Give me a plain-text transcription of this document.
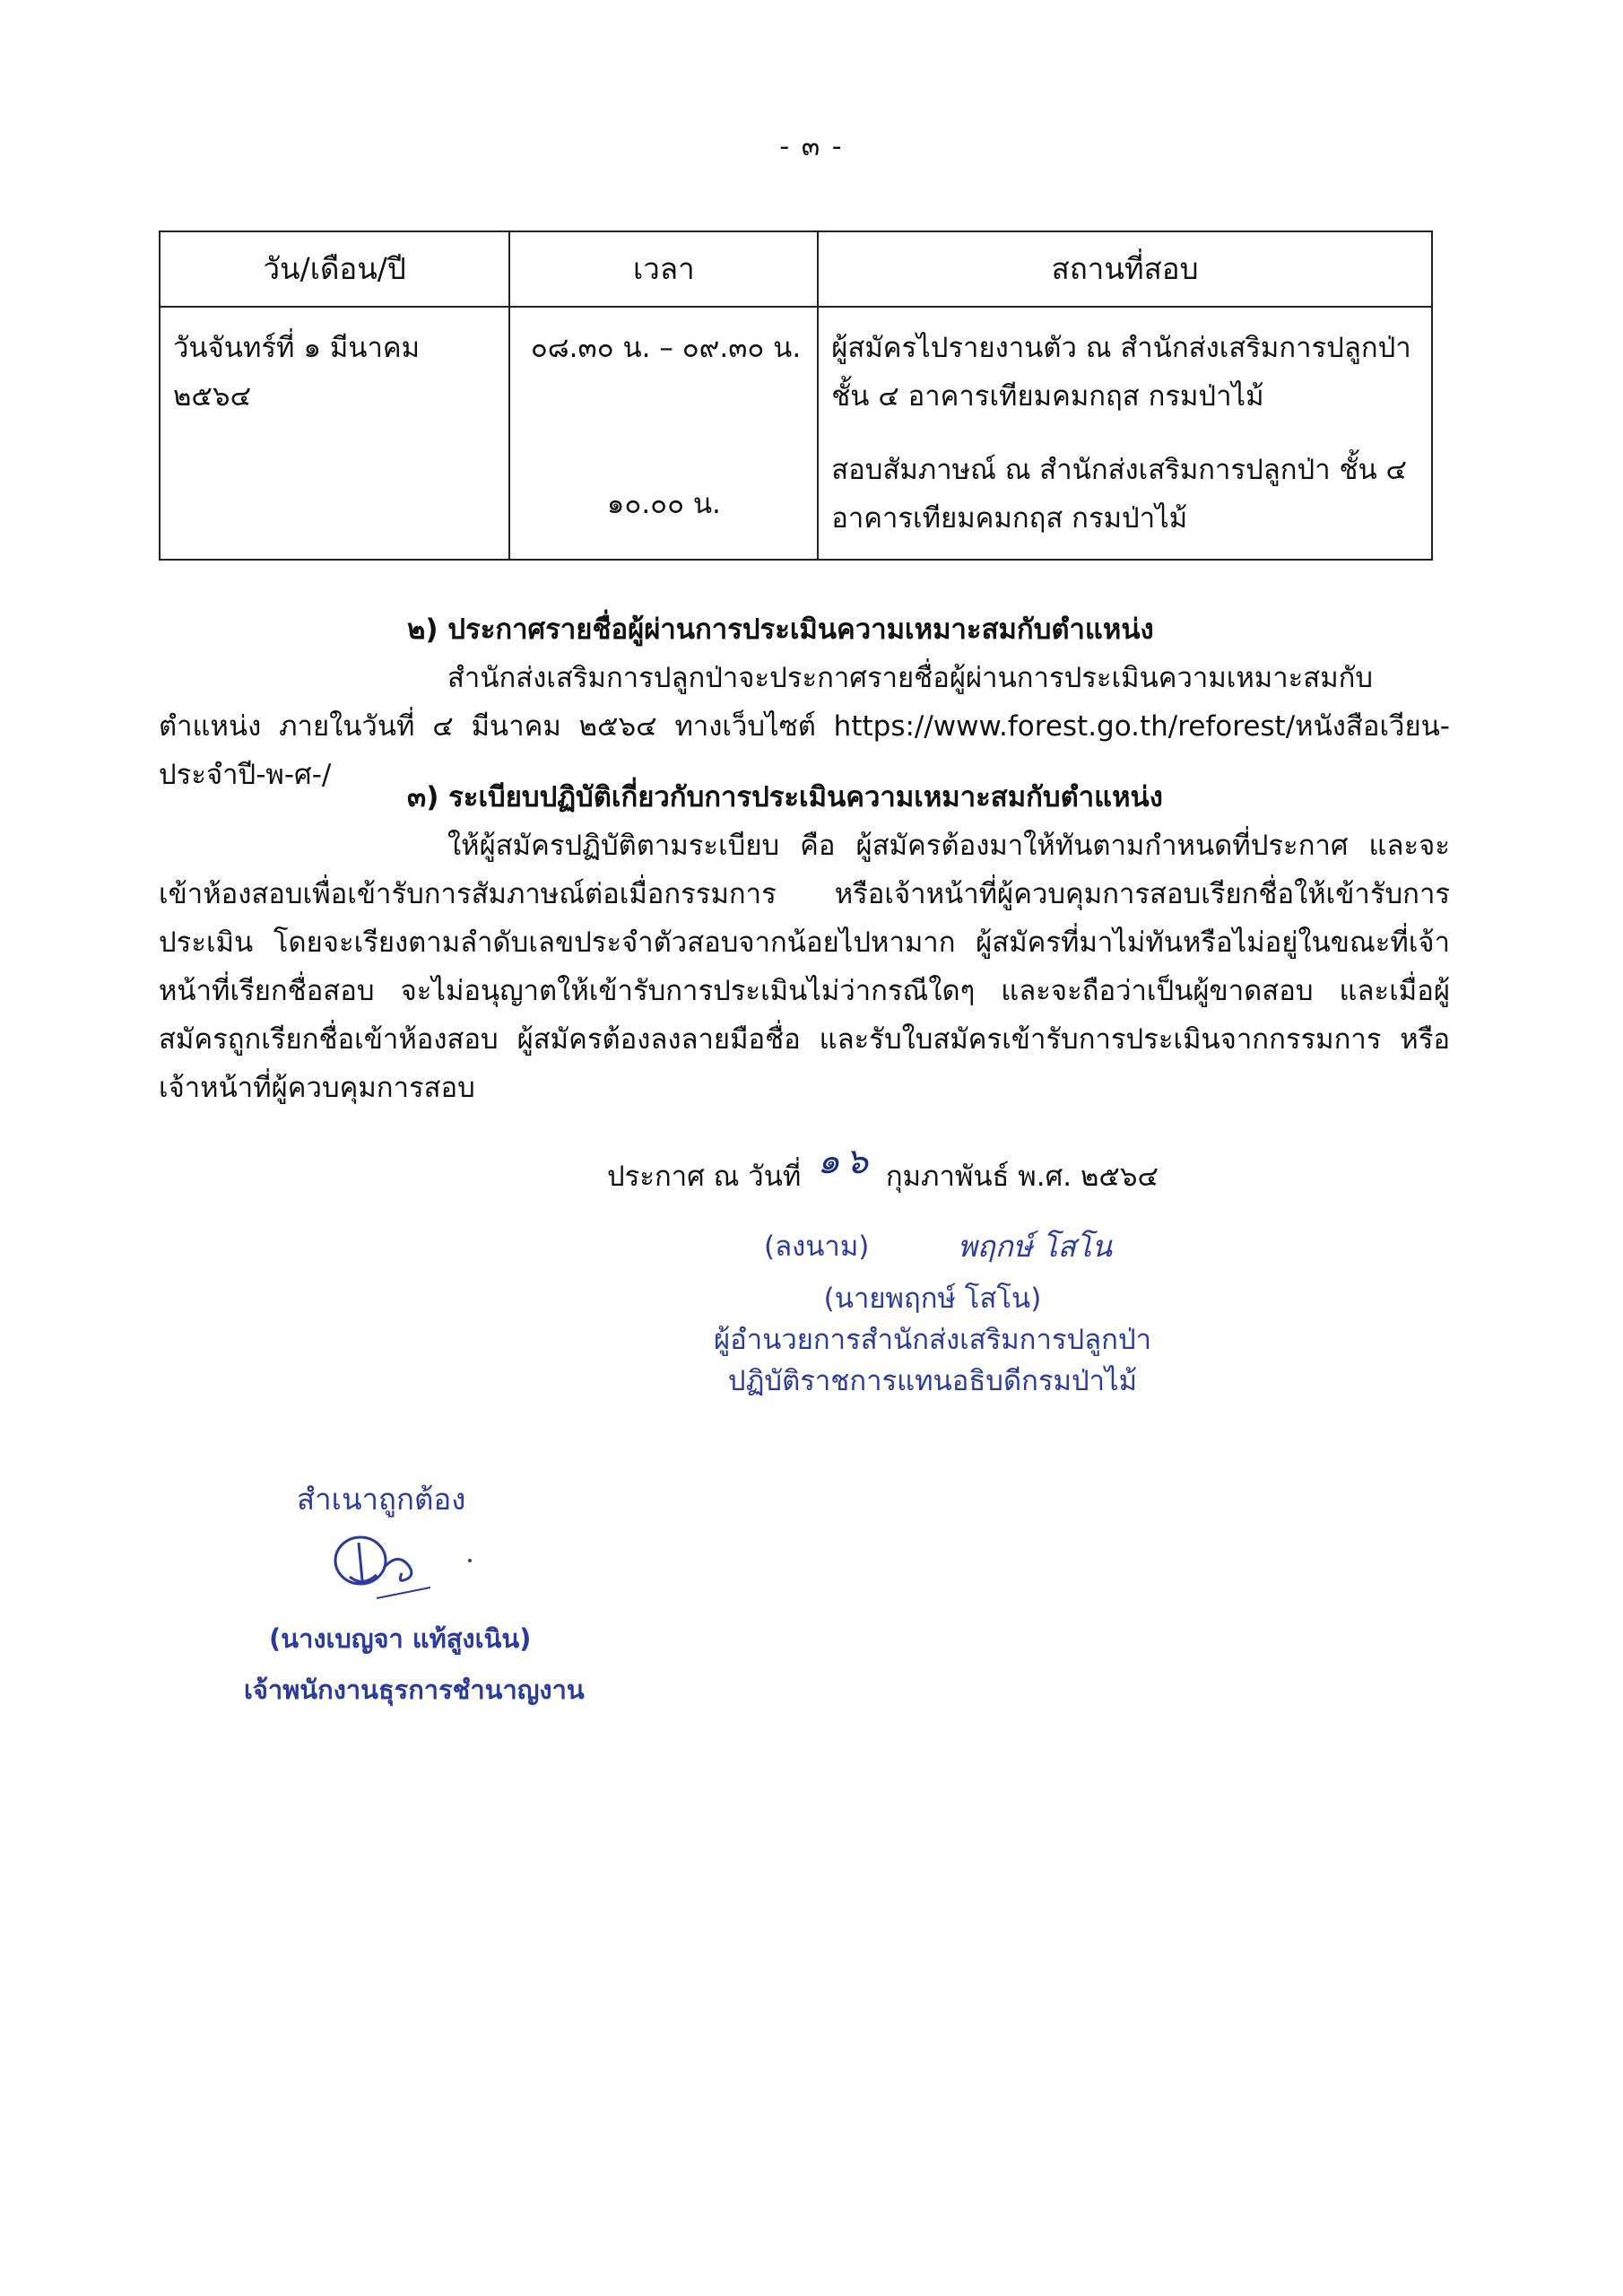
- ๓ -
วัน/เดือน/ปี	เวลา	สถานที่สอบ
วันจันทร์ที่ ๑ มีนาคม ๒๕๖๔	๐๘.๓๐ น. – ๐๙.๓๐ น.	ผู้สมัครไปรายงานตัว ณ สำนักส่งเสริมการปลูกป่า ชั้น ๔ อาคารเทียมคมกฤส กรมป่าไม้

	๑๐.๐๐ น.	สอบสัมภาษณ์ ณ สำนักส่งเสริมการปลูกป่า ชั้น ๔ อาคารเทียมคมกฤส กรมป่าไม้
๒) ประกาศรายชื่อผู้ผ่านการประเมินความเหมาะสมกับตำแหน่ง

สำนักส่งเสริมการปลูกป่าจะประกาศรายชื่อผู้ผ่านการประเมินความเหมาะสมกับตำแหน่ง ภายในวันที่ ๔ มีนาคม ๒๕๖๔ ทางเว็บไซต์ https://www.forest.go.th/reforest/หนังสือเวียน-ประจำปี-พ-ศ-/

๓) ระเบียบปฏิบัติเกี่ยวกับการประเมินความเหมาะสมกับตำแหน่ง

ให้ผู้สมัครปฏิบัติตามระเบียบ คือ ผู้สมัครต้องมาให้ทันตามกำหนดที่ประกาศ และจะเข้าห้องสอบเพื่อเข้ารับการสัมภาษณ์ต่อเมื่อกรรมการ หรือเจ้าหน้าที่ผู้ควบคุมการสอบเรียกชื่อให้เข้ารับการประเมิน โดยจะเรียงตามลำดับเลขประจำตัวสอบจากน้อยไปหามาก ผู้สมัครที่มาไม่ทันหรือไม่อยู่ในขณะที่เจ้าหน้าที่เรียกชื่อสอบ จะไม่อนุญาตให้เข้ารับการประเมินไม่ว่ากรณีใดๆ และจะถือว่าเป็นผู้ขาดสอบ และเมื่อผู้สมัครถูกเรียกชื่อเข้าห้องสอบ ผู้สมัครต้องลงลายมือชื่อ และรับใบสมัครเข้ารับการประเมินจากกรรมการ หรือเจ้าหน้าที่ผู้ควบคุมการสอบ

ประกาศ ณ วันที่ ๑๖ กุมภาพันธ์ พ.ศ. ๒๕๖๔
(ลงนาม)	พฤกษ์ โสโน
(นายพฤกษ์ โสโน)
ผู้อำนวยการสำนักส่งเสริมการปลูกป่า
ปฏิบัติราชการแทนอธิบดีกรมป่าไม้
สำเนาถูกต้อง
(นางเบญจา แท้สูงเนิน)
เจ้าพนักงานธุรการชำนาญงาน
